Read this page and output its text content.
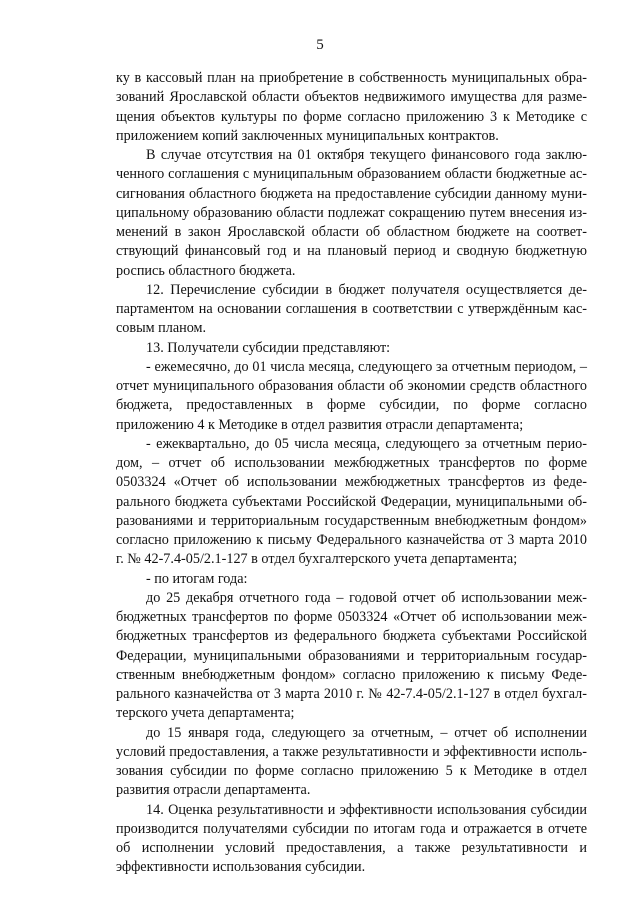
5

ку в кассовый план на приобретение в собственность муниципальных образований Ярославской области объектов недвижимого имущества для размещения объектов культуры по форме согласно приложению 3 к Методике с приложением копий заключенных муниципальных контрактов.

В случае отсутствия на 01 октября текущего финансового года заключенного соглашения с муниципальным образованием области бюджетные ассигнования областного бюджета на предоставление субсидии данному муниципальному образованию области подлежат сокращению путем внесения изменений в закон Ярославской области об областном бюджете на соответствующий финансовый год и на плановый период и сводную бюджетную роспись областного бюджета.

12. Перечисление субсидии в бюджет получателя осуществляется департаментом на основании соглашения в соответствии с утверждённым кассовым планом.

13. Получатели субсидии представляют:

- ежемесячно, до 01 числа месяца, следующего за отчетным периодом, – отчет муниципального образования области об экономии средств областного бюджета, предоставленных в форме субсидии, по форме согласно приложению 4 к Методике в отдел развития отрасли департамента;

- ежеквартально, до 05 числа месяца, следующего за отчетным периодом, – отчет об использовании межбюджетных трансфертов по форме 0503324 «Отчет об использовании межбюджетных трансфертов из федерального бюджета субъектами Российской Федерации, муниципальными образованиями и территориальным государственным внебюджетным фондом» согласно приложению к письму Федерального казначейства от 3 марта 2010 г. № 42-7.4-05/2.1-127 в отдел бухгалтерского учета департамента;

- по итогам года:

до 25 декабря отчетного года – годовой отчет об использовании межбюджетных трансфертов по форме 0503324 «Отчет об использовании межбюджетных трансфертов из федерального бюджета субъектами Российской Федерации, муниципальными образованиями и территориальным государственным внебюджетным фондом» согласно приложению к письму Федерального казначейства от 3 марта 2010 г. № 42-7.4-05/2.1-127 в отдел бухгалтерского учета департамента;

до 15 января года, следующего за отчетным, – отчет об исполнении условий предоставления, а также результативности и эффективности использования субсидии по форме согласно приложению 5 к Методике в отдел развития отрасли департамента.

14. Оценка результативности и эффективности использования субсидии производится получателями субсидии по итогам года и отражается в отчете об исполнении условий предоставления, а также результативности и эффективности использования субсидии.
